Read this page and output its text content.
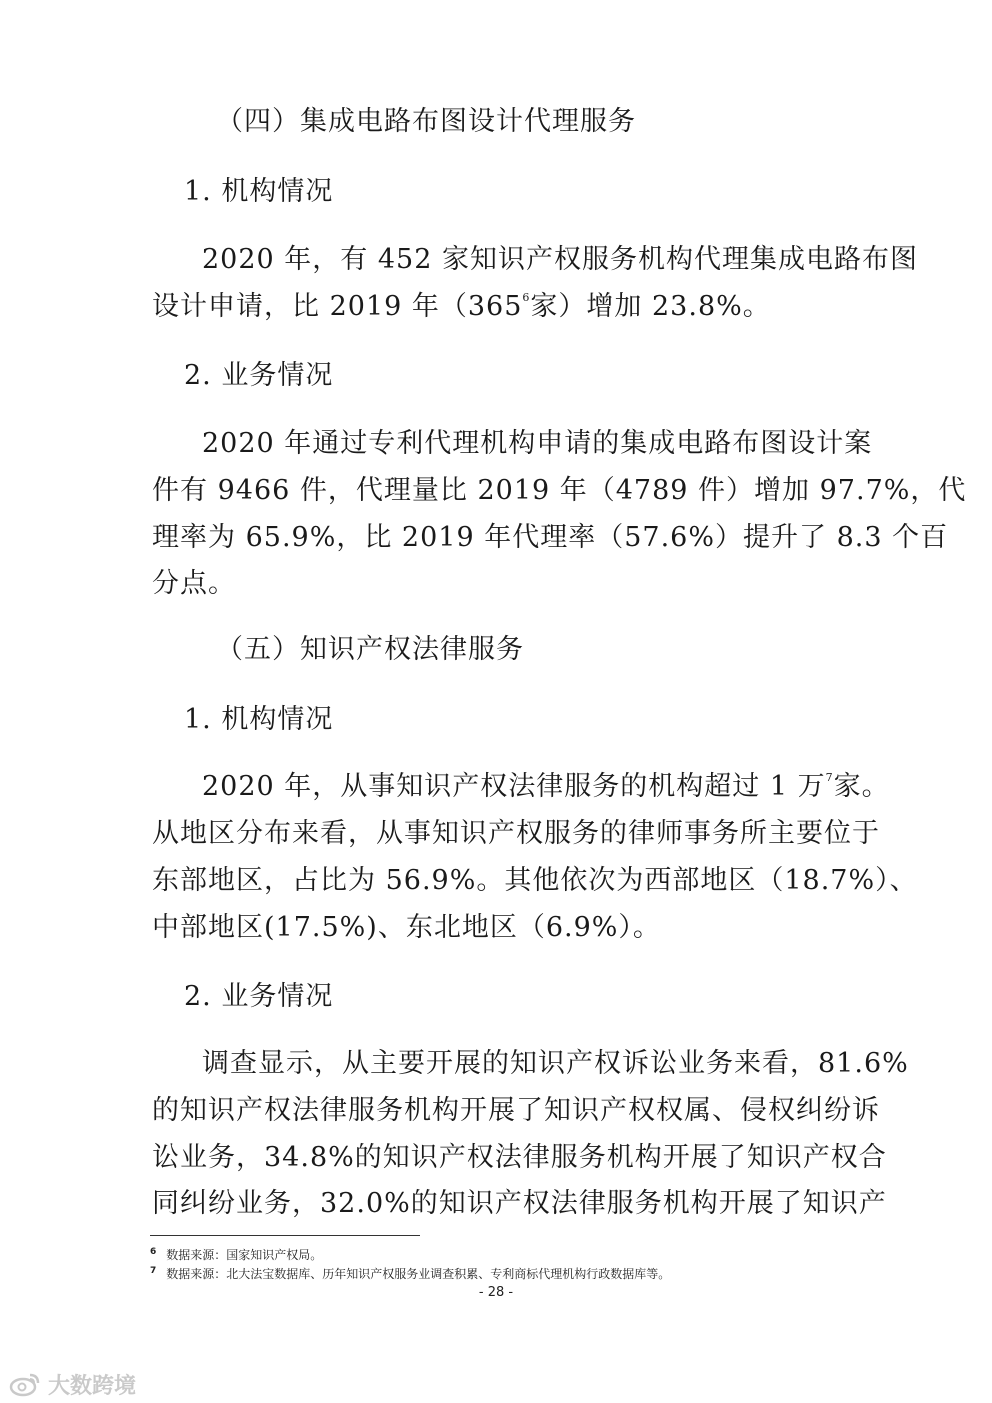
（四）集成电路布图设计代理服务
1. 机构情况
2020 年，有 452 家知识产权服务机构代理集成电路布图
设计申请，比 2019 年（365$^6$家）增加 23.8%。
2. 业务情况
2020 年通过专利代理机构申请的集成电路布图设计案
件有 9466 件，代理量比 2019 年（4789 件）增加 97.7%，代
理率为 65.9%，比 2019 年代理率（57.6%）提升了 8.3 个百
分点。
（五）知识产权法律服务
1. 机构情况
2020 年，从事知识产权法律服务的机构超过 1 万$^7$家。
从地区分布来看，从事知识产权服务的律师事务所主要位于
东部地区，占比为 56.9%。其他依次为西部地区（18.7%）、
中部地区(17.5%)、东北地区（6.9%）。
2. 业务情况
调查显示，从主要开展的知识产权诉讼业务来看，81.6%
的知识产权法律服务机构开展了知识产权权属、侵权纠纷诉
讼业务，34.8%的知识产权法律服务机构开展了知识产权合
同纠纷业务，32.0%的知识产权法律服务机构开展了知识产
$^6$ 数据来源：国家知识产权局。
$^7$ 数据来源：北大法宝数据库、历年知识产权服务业调查积累、专利商标代理机构行政数据库等。
- 28 -
大数跨境
